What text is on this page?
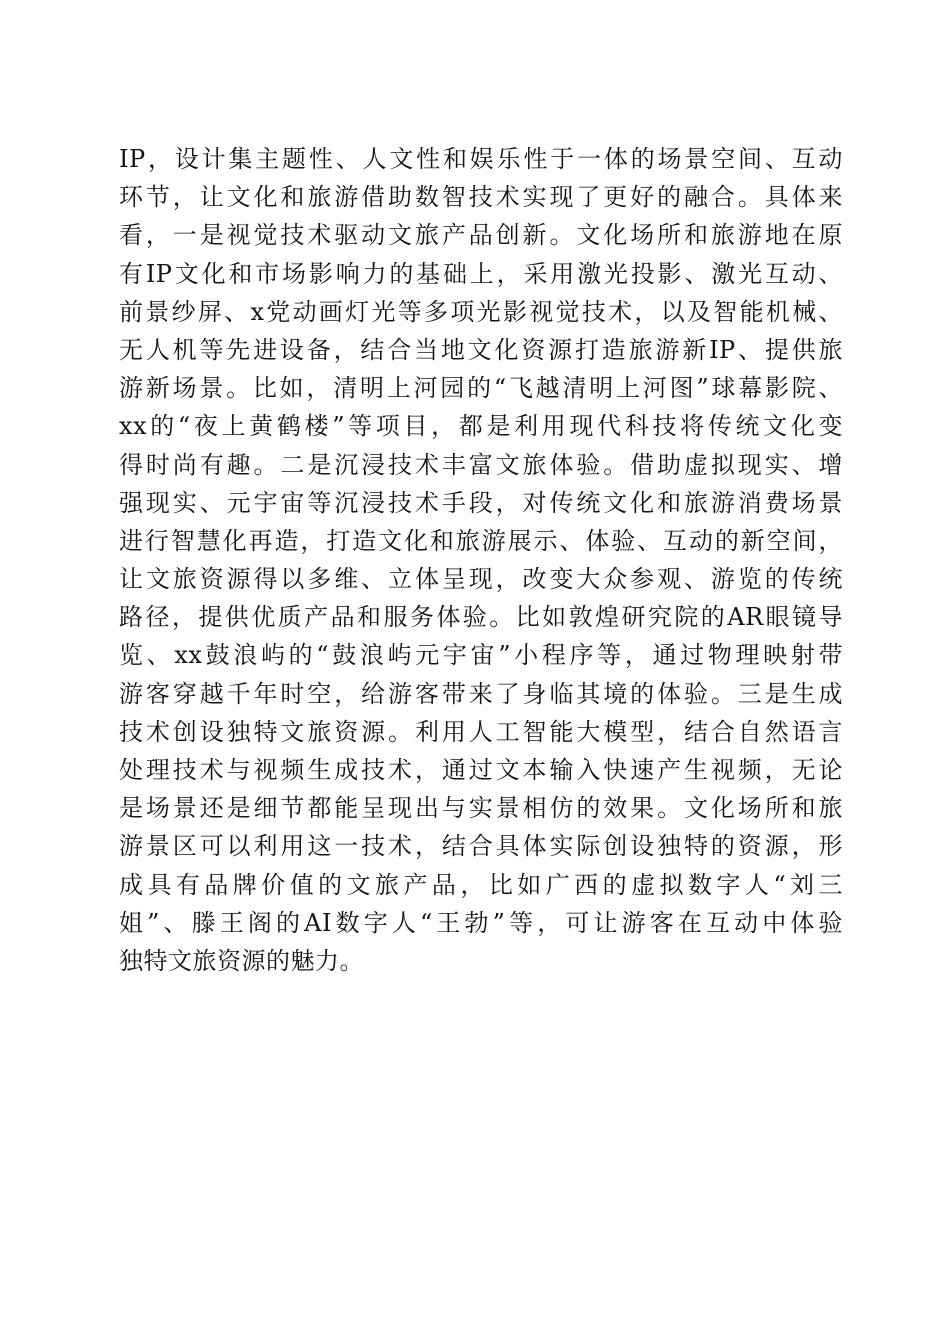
IP，设计集主题性、人文性和娱乐性于一体的场景空间、互动
环节，让文化和旅游借助数智技术实现了更好的融合。具体来
看，一是视觉技术驱动文旅产品创新。文化场所和旅游地在原
有IP文化和市场影响力的基础上，采用激光投影、激光互动、
前景纱屏、x党动画灯光等多项光影视觉技术，以及智能机械、
无人机等先进设备，结合当地文化资源打造旅游新IP、提供旅
游新场景。比如，清明上河园的“飞越清明上河图”球幕影院、
xx的“夜上黄鹤楼”等项目，都是利用现代科技将传统文化变
得时尚有趣。二是沉浸技术丰富文旅体验。借助虚拟现实、增
强现实、元宇宙等沉浸技术手段，对传统文化和旅游消费场景
进行智慧化再造，打造文化和旅游展示、体验、互动的新空间，
让文旅资源得以多维、立体呈现，改变大众参观、游览的传统
路径，提供优质产品和服务体验。比如敦煌研究院的AR眼镜导
览、xx鼓浪屿的“鼓浪屿元宇宙”小程序等，通过物理映射带
游客穿越千年时空，给游客带来了身临其境的体验。三是生成
技术创设独特文旅资源。利用人工智能大模型，结合自然语言
处理技术与视频生成技术，通过文本输入快速产生视频，无论
是场景还是细节都能呈现出与实景相仿的效果。文化场所和旅
游景区可以利用这一技术，结合具体实际创设独特的资源，形
成具有品牌价值的文旅产品，比如广西的虚拟数字人“刘三
姐”、滕王阁的AI数字人“王勃”等，可让游客在互动中体验
独特文旅资源的魅力。
